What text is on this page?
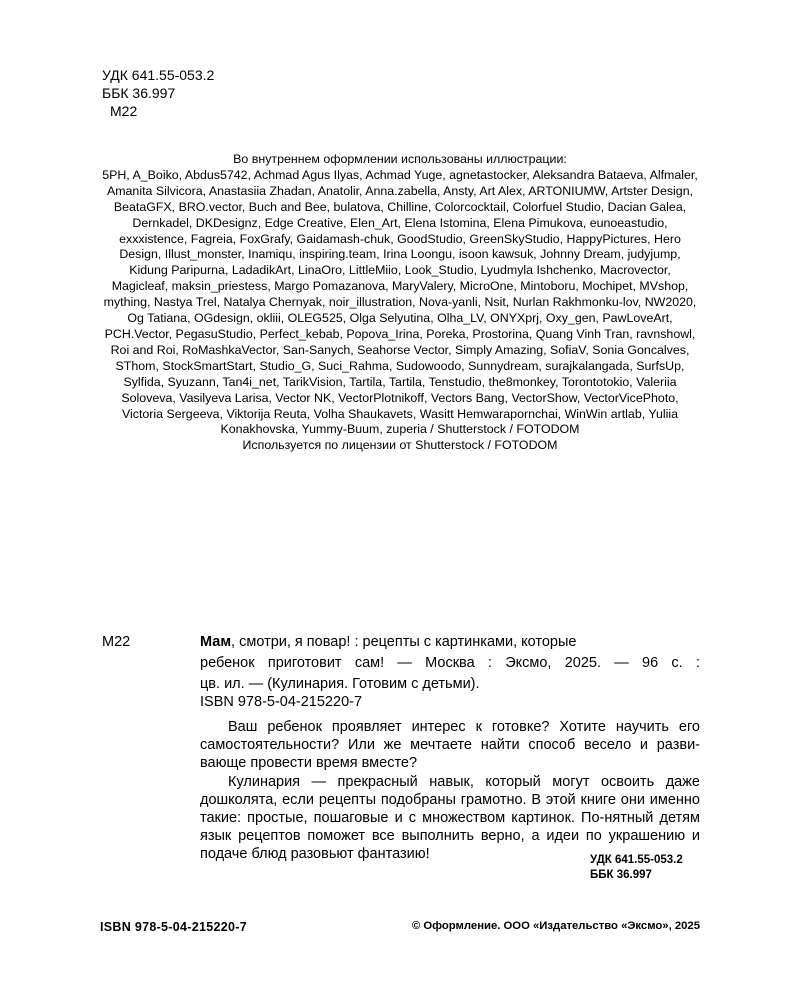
УДК 641.55-053.2
ББК 36.997
М22
Во внутреннем оформлении использованы иллюстрации:
5PH, A_Boiko, Abdus5742, Achmad Agus Ilyas, Achmad Yuge, agnetastocker, Aleksandra Bataeva, Alfmaler, Amanita Silvicora, Anastasiia Zhadan, Anatolir, Anna.zabella, Ansty, Art Alex, ARTONIUMW, Artster Design, BeataGFX, BRO.vector, Buch and Bee, bulatova, Chilline, Colorcocktail, Colorfuel Studio, Dacian Galea, Dernkadel, DKDesignz, Edge Creative, Elen_Art, Elena Istomina, Elena Pimukova, eunoeastudio, exxxistence, Fagreia, FoxGrafy, Gaidamash-chuk, GoodStudio, GreenSkyStudio, HappyPictures, Hero Design, Illust_monster, Inamiqu, inspiring.team, Irina Loongu, isoon kawsuk, Johnny Dream, judyjump, Kidung Paripurna, LadadikArt, LinaOro, LittleMiio, Look_Studio, Lyudmyla Ishchenko, Macrovector, Magicleaf, maksin_priestess, Margo Pomazanova, MaryValery, MicroOne, Mintoboru, Mochipet, MVshop, mything, Nastya Trel, Natalya Chernyak, noir_illustration, Nova-yanli, Nsit, Nurlan Rakhmonku-lov, NW2020, Og Tatiana, OGdesign, okliii, OLEG525, Olga Selyutina, Olha_LV, ONYXprj, Oxy_gen, PawLoveArt, PCH.Vector, PegasuStudio, Perfect_kebab, Popova_Irina, Poreka, Prostorina, Quang Vinh Tran, ravnshowl, Roi and Roi, RoMashkaVector, San-Sanych, Seahorse Vector, Simply Amazing, SofiaV, Sonia Goncalves, SThom, StockSmartStart, Studio_G, Suci_Rahma, Sudowoodo, Sunnydream, surajkalangada, SurfsUp, Sylfida, Syuzann, Tan4i_net, TarikVision, Tartila, Tartila, Tenstudio, the8monkey, Torontotokio, Valeriia Soloveva, Vasilyeva Larisa, Vector NK, VectorPlotnikoff, Vectors Bang, VectorShow, VectorVicePhoto, Victoria Sergeeva, Viktorija Reuta, Volha Shaukavets, Wasitt Hemwarapornchai, WinWin artlab, Yuliia Konakhovska, Yummy-Buum, zuperia / Shutterstock / FOTODOM
Используется по лицензии от Shutterstock / FOTODOM
М22	Мам, смотри, я повар! : рецепты с картинками, которые
ребенок приготовит сам! — Москва : Эксмо, 2025. — 96 с. :
цв. ил. — (Кулинария. Готовим с детьми).
ISBN 978-5-04-215220-7

Ваш ребенок проявляет интерес к готовке? Хотите научить его самостоятельности? Или же мечтаете найти способ весело и разви-вающе провести время вместе?

Кулинария — прекрасный навык, который могут освоить даже дошколята, если рецепты подобраны грамотно. В этой книге они именно такие: простые, пошаговые и с множеством картинок. По-нятный детям язык рецептов поможет все выполнить верно, а идеи по украшению и подаче блюд разовьют фантазию!	УДК 641.55-053.2
ББК 36.997
ISBN 978-5-04-215220-7	© Оформление. ООО «Издательство «Эксмо», 2025
